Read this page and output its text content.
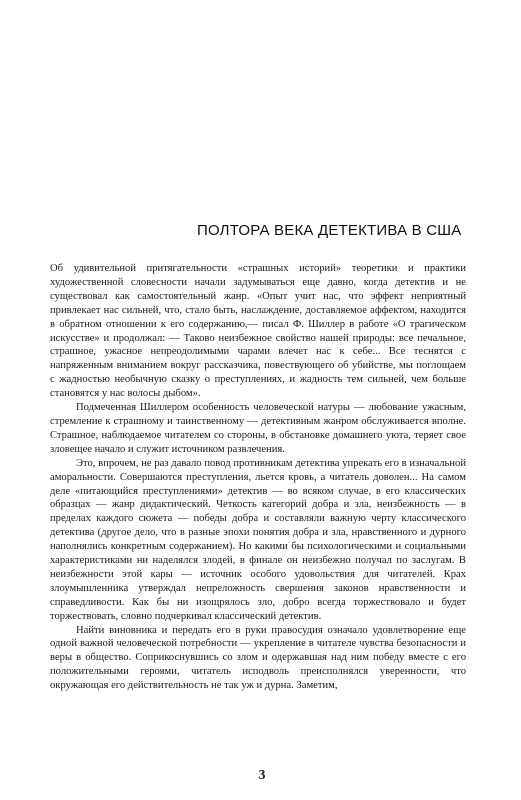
ПОЛТОРА ВЕКА ДЕТЕКТИВА В США

Об удивительной притягательности «страшных историй» теоретики и практики художественной словесности начали задумываться еще давно, когда детектив и не существовал как самостоятельный жанр. «Опыт учит нас, что эффект неприятный привлекает нас сильней, что, стало быть, наслаждение, доставляемое аффектом, находится в обратном отношении к его содержанию,— писал Ф. Шиллер в работе «О трагическом искусстве» и продолжал: — Таково неизбежное свойство нашей природы: все печальное, страшное, ужасное непреодолимыми чарами влечет нас к себе... Все теснятся с напряженным вниманием вокруг рассказчика, повествующего об убийстве, мы поглощаем с жадностью необычную сказку о преступлениях, и жадность тем сильней, чем больше становятся у нас волосы дыбом».

Подмеченная Шиллером особенность человеческой натуры — любование ужасным, стремление к страшному и таинственному — детективным жанром обслуживается вполне. Страшное, наблюдаемое читателем со стороны, в обстановке домашнего уюта, теряет свое зловещее начало и служит источником развлечения.

Это, впрочем, не раз давало повод противникам детектива упрекать его в изначальной аморальности. Совершаются преступления, льется кровь, а читатель доволен... На самом деле «питающийся преступлениями» детектив — во всяком случае, в его классических образцах — жанр дидактический. Четкость категорий добра и зла, неизбежность — в пределах каждого сюжета — победы добра и составляли важную черту классического детектива (другое дело, что в разные эпохи понятия добра и зла, нравственного и дурного наполнялись конкретным содержанием). Но какими бы психологическими и социальными характеристиками ни наделялся злодей, в финале он неизбежно получал по заслугам. В неизбежности этой кары — источник особого удовольствия для читателей. Крах злоумышленника утверждал непреложность свершения законов нравственности и справедливости. Как бы ни изощрялось зло, добро всегда торжествовало и будет торжествовать, словно подчеркивал классический детектив.

Найти виновника и передать его в руки правосудия означало удовлетворение еще одной важной человеческой потребности — укрепление в читателе чувства безопасности и веры в общество. Соприкоснувшись со злом и одержавшая над ним победу вместе с его положительными героями, читатель исподволь преисполнялся уверенности, что окружающая его действительность не так уж и дурна. Заметим,

3
